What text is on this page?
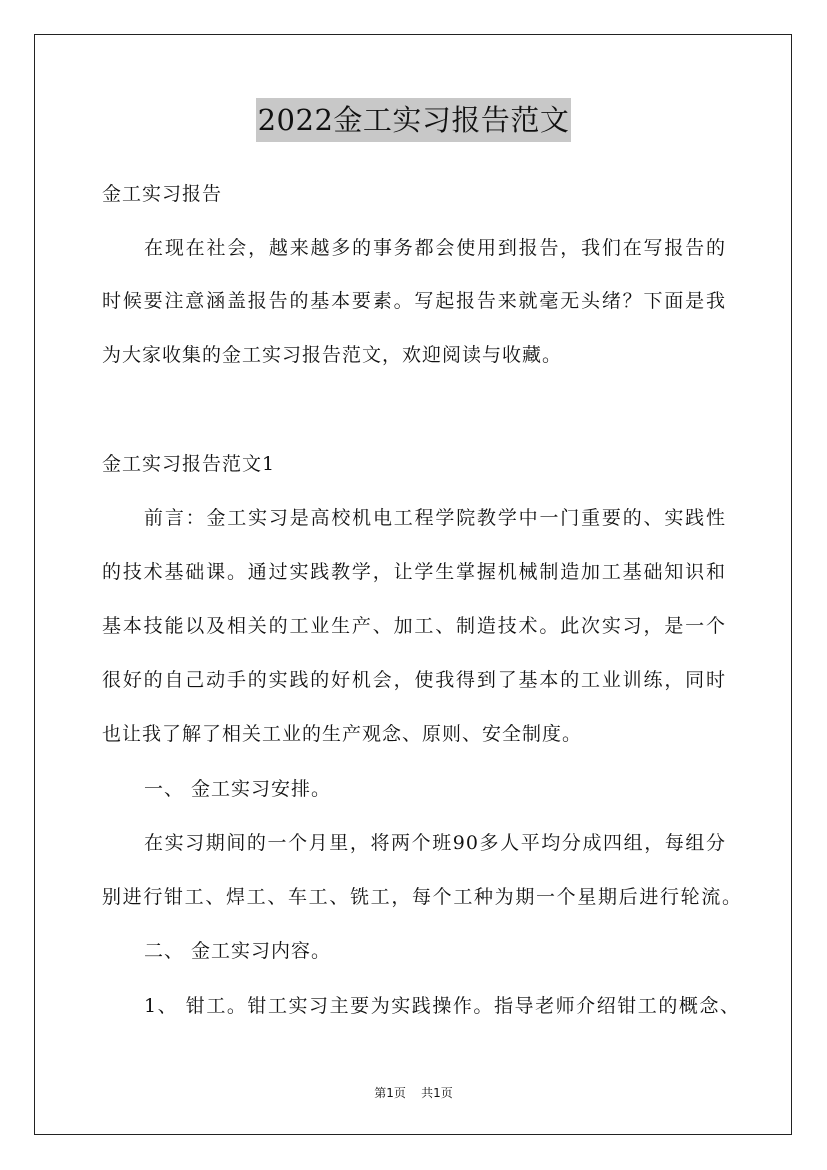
2022金工实习报告范文
金工实习报告
在现在社会，越来越多的事务都会使用到报告，我们在写报告的
时候要注意涵盖报告的基本要素。写起报告来就毫无头绪？下面是我
为大家收集的金工实习报告范文，欢迎阅读与收藏。
金工实习报告范文1
前言：金工实习是高校机电工程学院教学中一门重要的、实践性
的技术基础课。通过实践教学，让学生掌握机械制造加工基础知识和
基本技能以及相关的工业生产、加工、制造技术。此次实习，是一个
很好的自己动手的实践的好机会，使我得到了基本的工业训练，同时
也让我了解了相关工业的生产观念、原则、安全制度。
一、 金工实习安排。
在实习期间的一个月里，将两个班90多人平均分成四组，每组分
别进行钳工、焊工、车工、铣工，每个工种为期一个星期后进行轮流。
二、 金工实习内容。
1、 钳工。钳工实习主要为实践操作。指导老师介绍钳工的概念、
第1页 共1页
